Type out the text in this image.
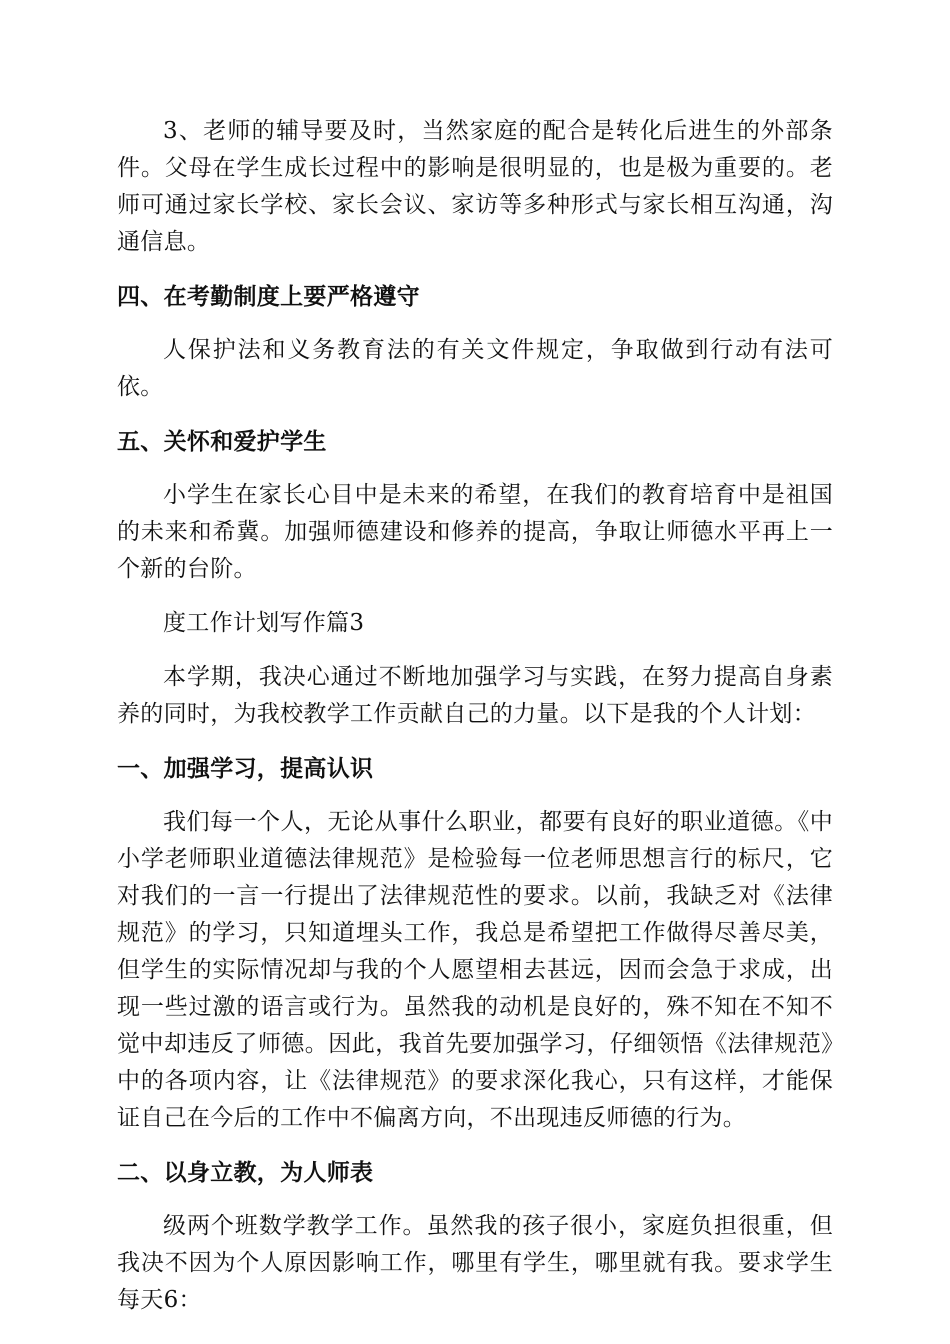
3、老师的辅导要及时，当然家庭的配合是转化后进生的外部条件。父母在学生成长过程中的影响是很明显的，也是极为重要的。老师可通过家长学校、家长会议、家访等多种形式与家长相互沟通，沟通信息。

四、在考勤制度上要严格遵守

人保护法和义务教育法的有关文件规定，争取做到行动有法可依。

五、关怀和爱护学生

小学生在家长心目中是未来的希望，在我们的教育培育中是祖国的未来和希冀。加强师德建设和修养的提高，争取让师德水平再上一个新的台阶。

度工作计划写作篇3

本学期，我决心通过不断地加强学习与实践，在努力提高自身素养的同时，为我校教学工作贡献自己的力量。以下是我的个人计划：

一、加强学习，提高认识

我们每一个人，无论从事什么职业，都要有良好的职业道德。《中小学老师职业道德法律规范》是检验每一位老师思想言行的标尺，它对我们的一言一行提出了法律规范性的要求。以前，我缺乏对《法律规范》的学习，只知道埋头工作，我总是希望把工作做得尽善尽美，但学生的实际情况却与我的个人愿望相去甚远，因而会急于求成，出现一些过激的语言或行为。虽然我的动机是良好的，殊不知在不知不觉中却违反了师德。因此，我首先要加强学习，仔细领悟《法律规范》中的各项内容，让《法律规范》的要求深化我心，只有这样，才能保证自己在今后的工作中不偏离方向，不出现违反师德的行为。

二、以身立教，为人师表

级两个班数学教学工作。虽然我的孩子很小，家庭负担很重，但我决不因为个人原因影响工作，哪里有学生，哪里就有我。要求学生每天6：
